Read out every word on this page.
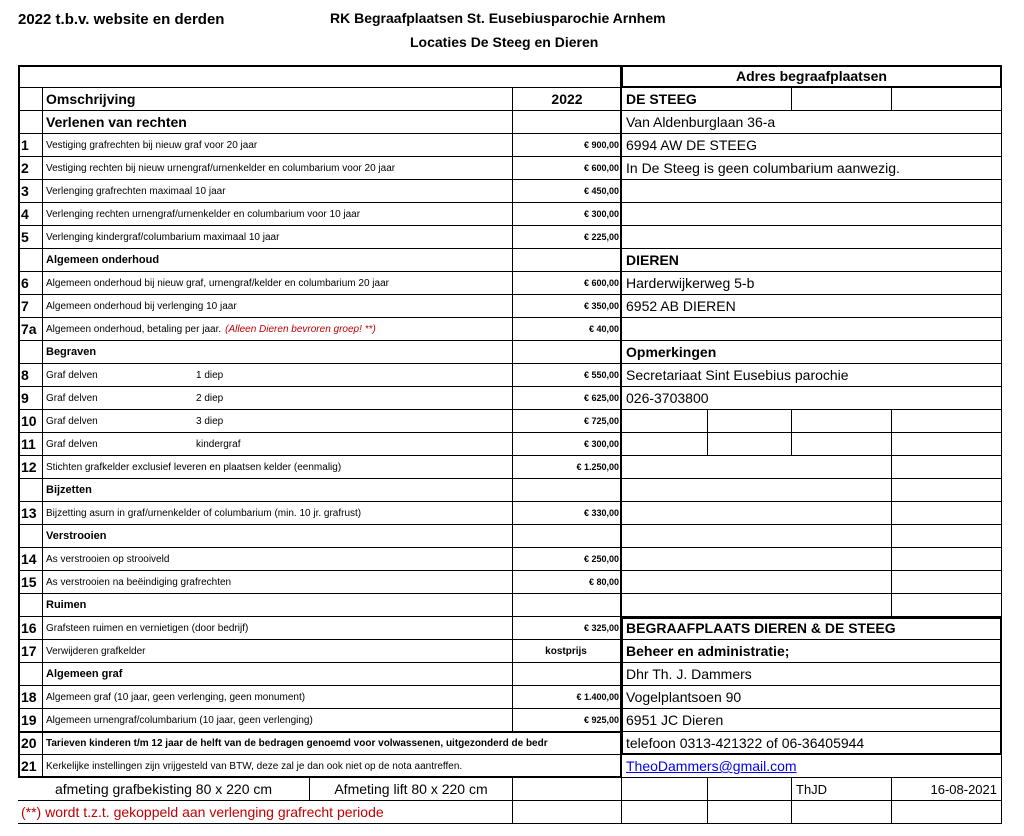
2022 t.b.v. website en derden	RK Begraafplaatsen St. Eusebiusparochie Arnhem
Locaties De Steeg en Dieren
Adres begraafplaatsen
Omschrijving	2022	DE STEEG
Verlenen van rechten	Van Aldenburglaan 36-a
1	Vestiging grafrechten bij nieuw graf voor 20 jaar	€ 900,00 6994 AW DE STEEG
2	Vestiging rechten bij nieuw urnengraf/urnenkelder en columbarium voor 20 jaar	€ 600,00 In De Steeg is geen columbarium aanwezig.
3	Verlenging grafrechten maximaal 10 jaar	€ 450,00
4	Verlenging rechten urnengraf/urnenkelder en columbarium voor 10 jaar	€ 300,00
5	Verlenging kindergraf/columbarium maximaal 10 jaar	€ 225,00
Algemeen onderhoud	DIEREN
6	Algemeen onderhoud bij nieuw graf, urnengraf/kelder en columbarium 20 jaar	€ 600,00 Harderwijkerweg 5-b
7	Algemeen onderhoud bij verlenging 10 jaar	€ 350,00 6952 AB DIEREN
7a Algemeen onderhoud, betaling per jaar. (Alleen Dieren bevroren groep! **)	€ 40,00
Begraven	Opmerkingen
8	Graf delven	1 diep	€ 550,00 Secretariaat Sint Eusebius parochie
9	Graf delven	2 diep	€ 625,00 026-3703800
10 Graf delven	3 diep	€ 725,00
11	Graf delven	kindergraf	€ 300,00
12 Stichten grafkelder exclusief leveren en plaatsen kelder (eenmalig)	€ 1.250,00
Bijzetten
13 Bijzetting asurn in graf/urnenkelder of columbarium (min. 10 jr. grafrust)	€ 330,00
Verstrooien
14 As verstrooien op strooiveld	€ 250,00
15 As verstrooien na beëindiging grafrechten	€ 80,00
Ruimen
16 Grafsteen ruimen en vernietigen (door bedrijf)	€ 325,00 BEGRAAFPLAATS DIEREN & DE STEEG
17 Verwijderen grafkelder	kostprijs	Beheer en administratie;
Algemeen graf	Dhr Th. J. Dammers
18 Algemeen graf (10 jaar, geen verlenging, geen monument)	€ 1.400,00 Vogelplantsoen 90
19 Algemeen urnengraf/columbarium (10 jaar, geen verlenging)	€ 925,00 6951 JC Dieren
20 Tarieven kinderen t/m 12 jaar de helft van de bedragen genoemd voor volwassenen, uitgezonderd de bedr	telefoon 0313-421322 of 06-36405944
21 Kerkelijke instellingen zijn vrijgesteld van BTW, deze zal je dan ook niet op de nota aantreffen.	TheoDammers@gmail.com
afmeting grafbekisting 80 x 220 cm	Afmeting lift 80 x 220 cm	ThJD	16-08-2021
(**) wordt t.z.t. gekoppeld aan verlenging grafrecht periode
